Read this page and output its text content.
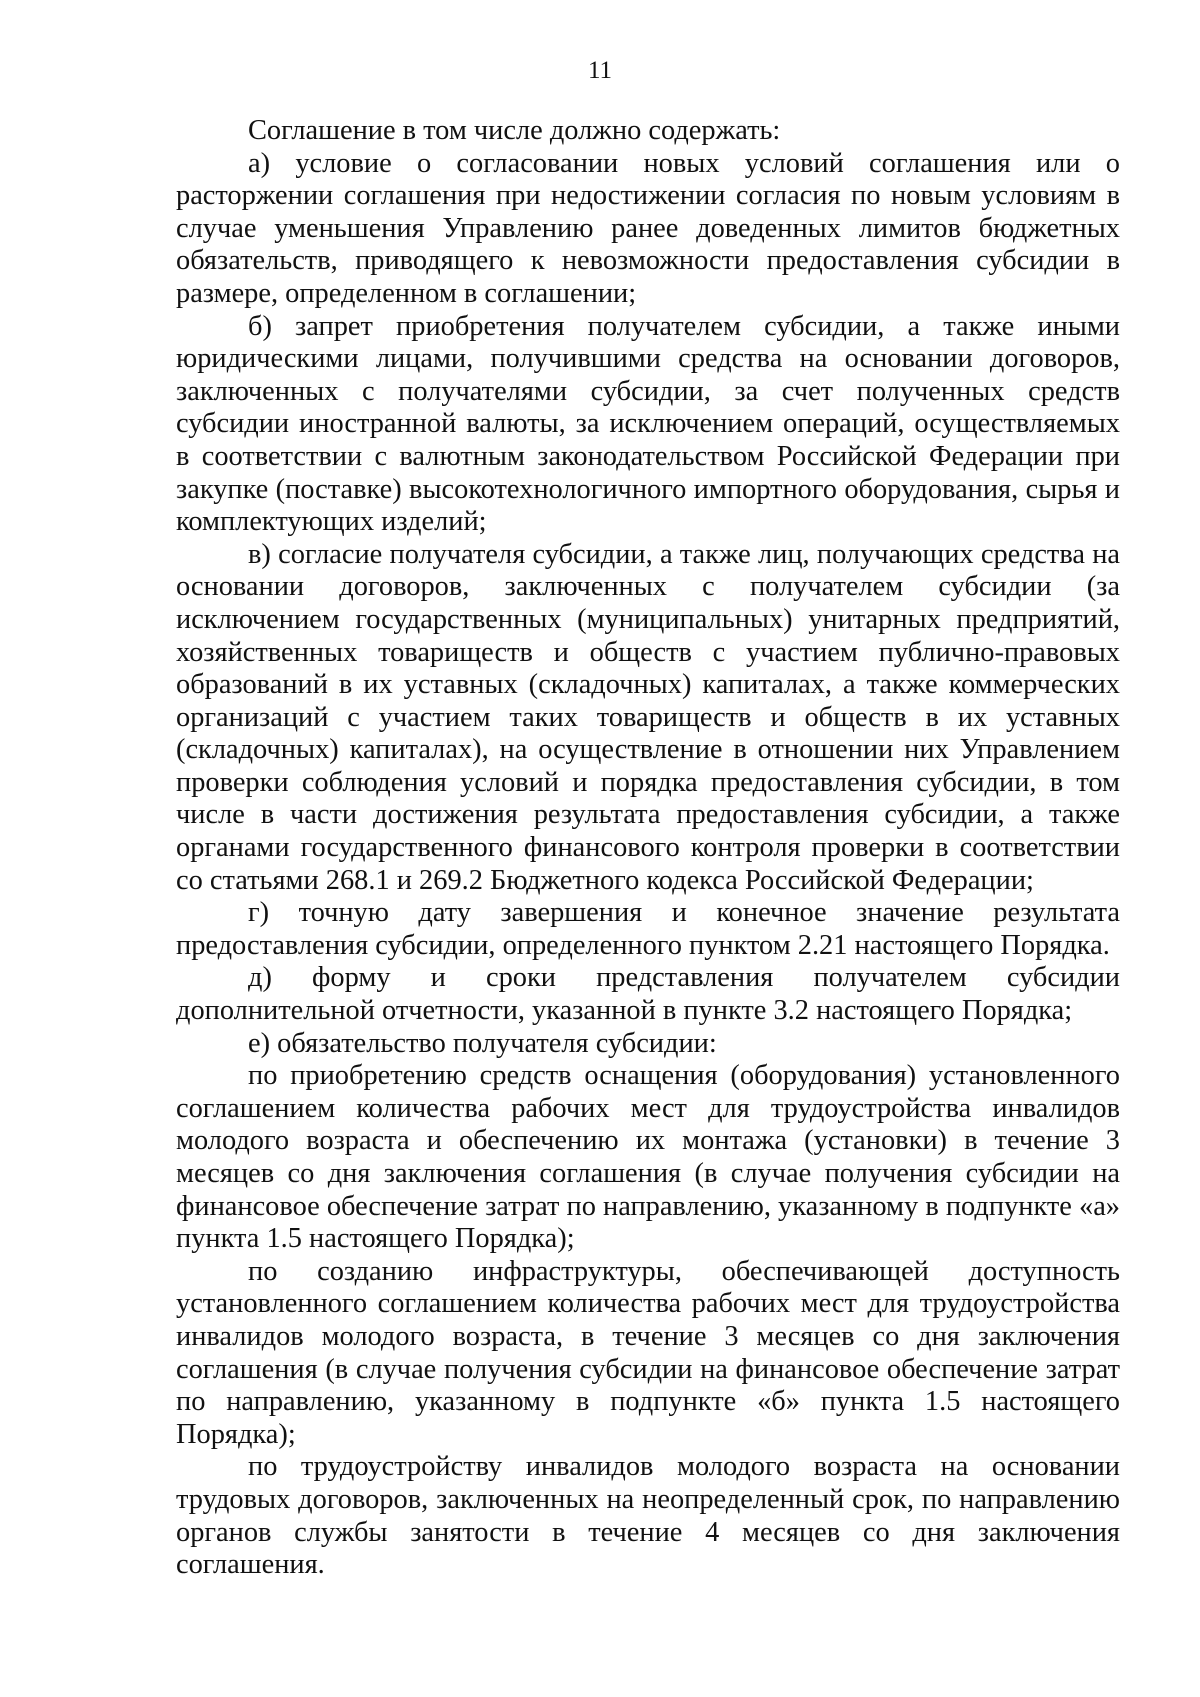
11

Соглашение в том числе должно содержать:

а) условие о согласовании новых условий соглашения или о расторжении соглашения при недостижении согласия по новым условиям в случае уменьшения Управлению ранее доведенных лимитов бюджетных обязательств, приводящего к невозможности предоставления субсидии в размере, определенном в соглашении;

б) запрет приобретения получателем субсидии, а также иными юридическими лицами, получившими средства на основании договоров, заключенных с получателями субсидии, за счет полученных средств субсидии иностранной валюты, за исключением операций, осуществляемых в соответствии с валютным законодательством Российской Федерации при закупке (поставке) высокотехнологичного импортного оборудования, сырья и комплектующих изделий;

в) согласие получателя субсидии, а также лиц, получающих средства на основании договоров, заключенных с получателем субсидии (за исключением государственных (муниципальных) унитарных предприятий, хозяйственных товариществ и обществ с участием публично-правовых образований в их уставных (складочных) капиталах, а также коммерческих организаций с участием таких товариществ и обществ в их уставных (складочных) капиталах), на осуществление в отношении них Управлением проверки соблюдения условий и порядка предоставления субсидии, в том числе в части достижения результата предоставления субсидии, а также органами государственного финансового контроля проверки в соответствии со статьями 268.1 и 269.2 Бюджетного кодекса Российской Федерации;

г) точную дату завершения и конечное значение результата предоставления субсидии, определенного пунктом 2.21 настоящего Порядка.

д) форму и сроки представления получателем субсидии дополнительной отчетности, указанной в пункте 3.2 настоящего Порядка;

е) обязательство получателя субсидии:

по приобретению средств оснащения (оборудования) установленного соглашением количества рабочих мест для трудоустройства инвалидов молодого возраста и обеспечению их монтажа (установки) в течение 3 месяцев со дня заключения соглашения (в случае получения субсидии на финансовое обеспечение затрат по направлению, указанному в подпункте «а» пункта 1.5 настоящего Порядка);

по созданию инфраструктуры, обеспечивающей доступность установленного соглашением количества рабочих мест для трудоустройства инвалидов молодого возраста, в течение 3 месяцев со дня заключения соглашения (в случае получения субсидии на финансовое обеспечение затрат по направлению, указанному в подпункте «б» пункта 1.5 настоящего Порядка);

по трудоустройству инвалидов молодого возраста на основании трудовых договоров, заключенных на неопределенный срок, по направлению органов службы занятости в течение 4 месяцев со дня заключения соглашения.
